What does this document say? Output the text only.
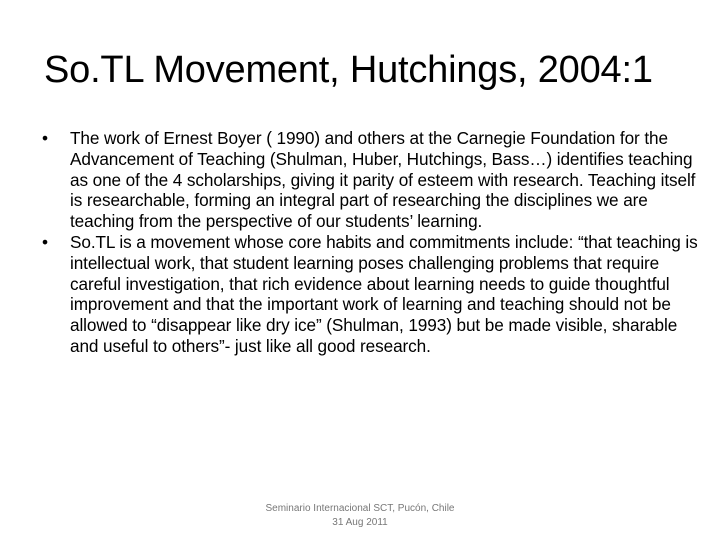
So.TL Movement, Hutchings, 2004:1
•	The work of Ernest Boyer ( 1990) and others at the Carnegie Foundation for the Advancement of Teaching (Shulman, Huber, Hutchings, Bass…) identifies teaching as one of the 4 scholarships, giving it parity of esteem with research. Teaching itself is researchable, forming an integral part of researching the disciplines we are teaching from the perspective of our students’ learning.
•	So.TL is a movement whose core habits and commitments include: “that teaching is intellectual work, that student learning poses challenging problems that require careful investigation, that rich evidence about learning needs to guide thoughtful improvement and that the important work of learning and teaching should not be allowed to “disappear like dry ice” (Shulman, 1993) but be made visible, sharable and useful to others”- just like all good research.
Seminario Internacional SCT, Pucón, Chile
31 Aug 2011
